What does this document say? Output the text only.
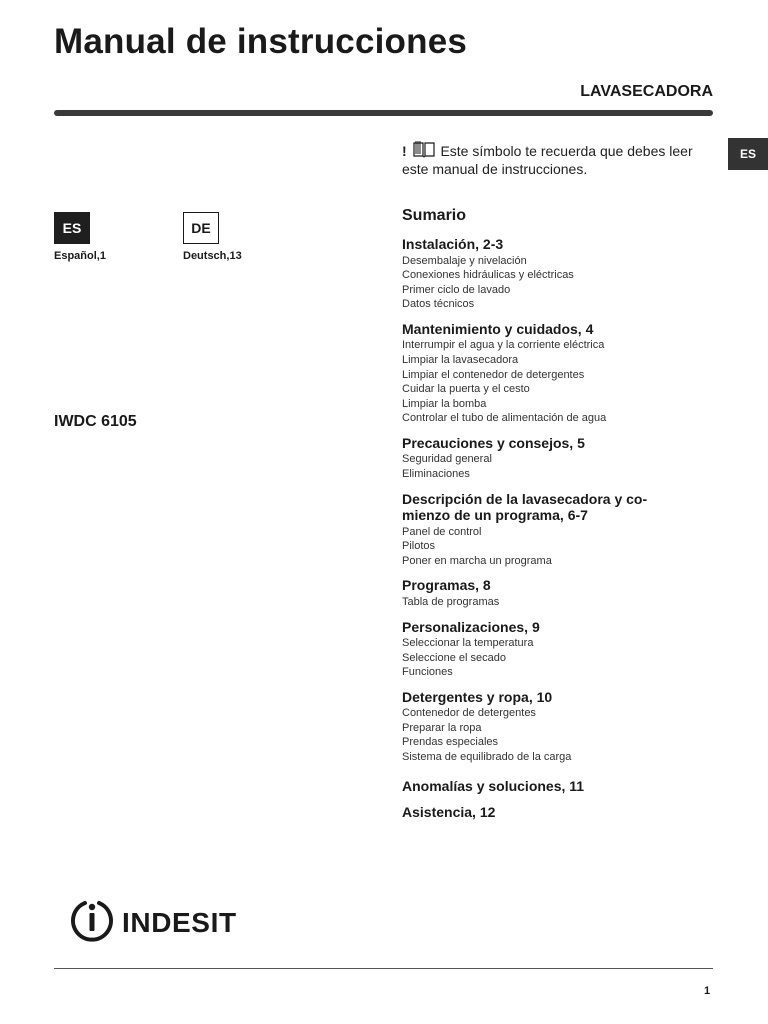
Manual de instrucciones
LAVASECADORA
ES
ES
Español,1
DE
Deutsch,13
IWDC 6105
! Este símbolo te recuerda que debes leer este manual de instrucciones.
Sumario
Instalación, 2-3
Desembalaje y nivelación
Conexiones hidráulicas y eléctricas
Primer ciclo de lavado
Datos técnicos
Mantenimiento y cuidados, 4
Interrumpir el agua y la corriente eléctrica
Limpiar la lavasecadora
Limpiar el contenedor de detergentes
Cuidar la puerta y el cesto
Limpiar la bomba
Controlar el tubo de alimentación de agua
Precauciones y consejos, 5
Seguridad general
Eliminaciones
Descripción de la lavasecadora y co-
mienzo de un programa, 6-7
Panel de control
Pilotos
Poner en marcha un programa
Programas, 8
Tabla de programas
Personalizaciones, 9
Seleccionar la temperatura
Seleccione el secado
Funciones
Detergentes y ropa, 10
Contenedor de detergentes
Preparar la ropa
Prendas especiales
Sistema de equilibrado de la carga
Anomalías y soluciones, 11
Asistencia, 12
INDESIT
1
